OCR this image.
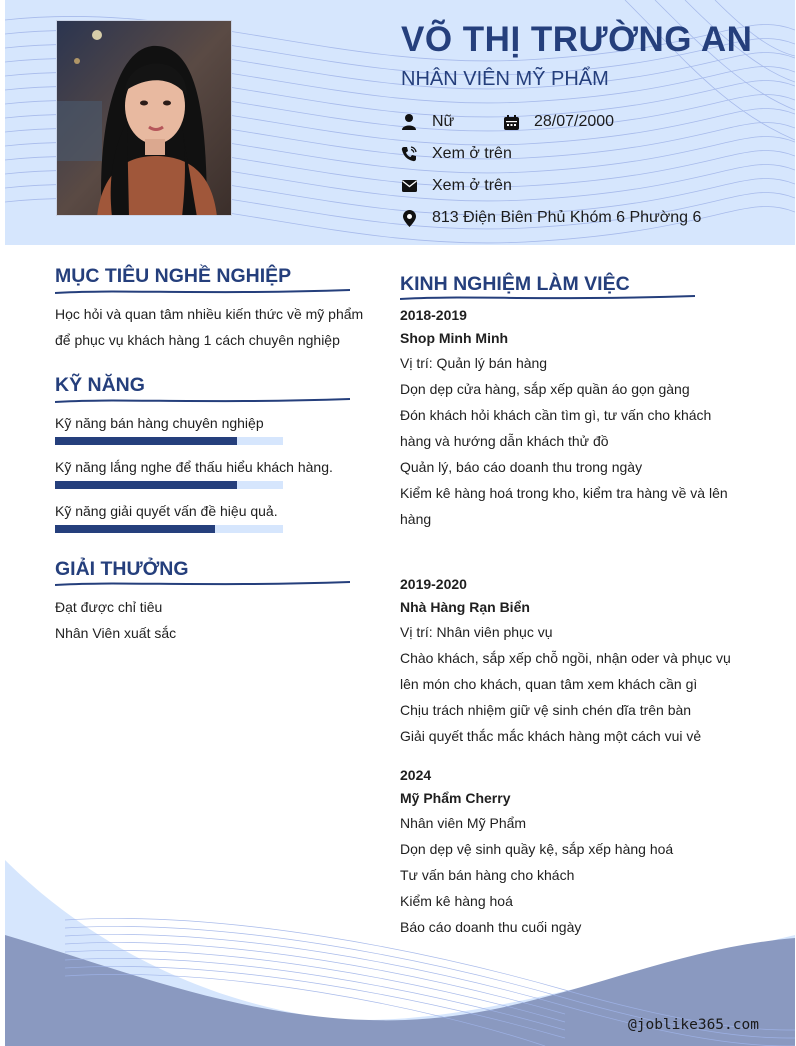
VÕ THỊ TRƯỜNG AN
NHÂN VIÊN MỸ PHẨM
Nữ	28/07/2000
Xem ở trên
Xem ở trên
813 Điện Biên Phủ Khóm 6 Phường 6
MỤC TIÊU NGHỀ NGHIỆP
Học hỏi và quan tâm nhiều kiến thức về mỹ phẩm
để phục vụ khách hàng 1 cách chuyên nghiệp
KỸ NĂNG
Kỹ năng bán hàng chuyên nghiệp
Kỹ năng lắng nghe để thấu hiểu khách hàng.
Kỹ năng giải quyết vấn đề hiệu quả.
GIẢI THƯỞNG
Đạt được chỉ tiêu
Nhân Viên xuất sắc
KINH NGHIỆM LÀM VIỆC
2018-2019
Shop Minh Minh
Vị trí: Quản lý bán hàng
Dọn dẹp cửa hàng, sắp xếp quần áo gọn gàng
Đón khách hỏi khách cần tìm gì, tư vấn cho khách
hàng và hướng dẫn khách thử đồ
Quản lý, báo cáo doanh thu trong ngày
Kiểm kê hàng hoá trong kho, kiểm tra hàng về và lên
hàng
2019-2020
Nhà Hàng Rạn Biển
Vị trí: Nhân viên phục vụ
Chào khách, sắp xếp chỗ ngồi, nhận oder và phục vụ
lên món cho khách, quan tâm xem khách cần gì
Chịu trách nhiệm giữ vệ sinh chén dĩa trên bàn
Giải quyết thắc mắc khách hàng một cách vui vẻ
2024
Mỹ Phẩm Cherry
Nhân viên Mỹ Phẩm
Dọn dẹp vệ sinh quầy kệ, sắp xếp hàng hoá
Tư vấn bán hàng cho khách
Kiểm kê hàng hoá
Báo cáo doanh thu cuối ngày
@joblike365.com
